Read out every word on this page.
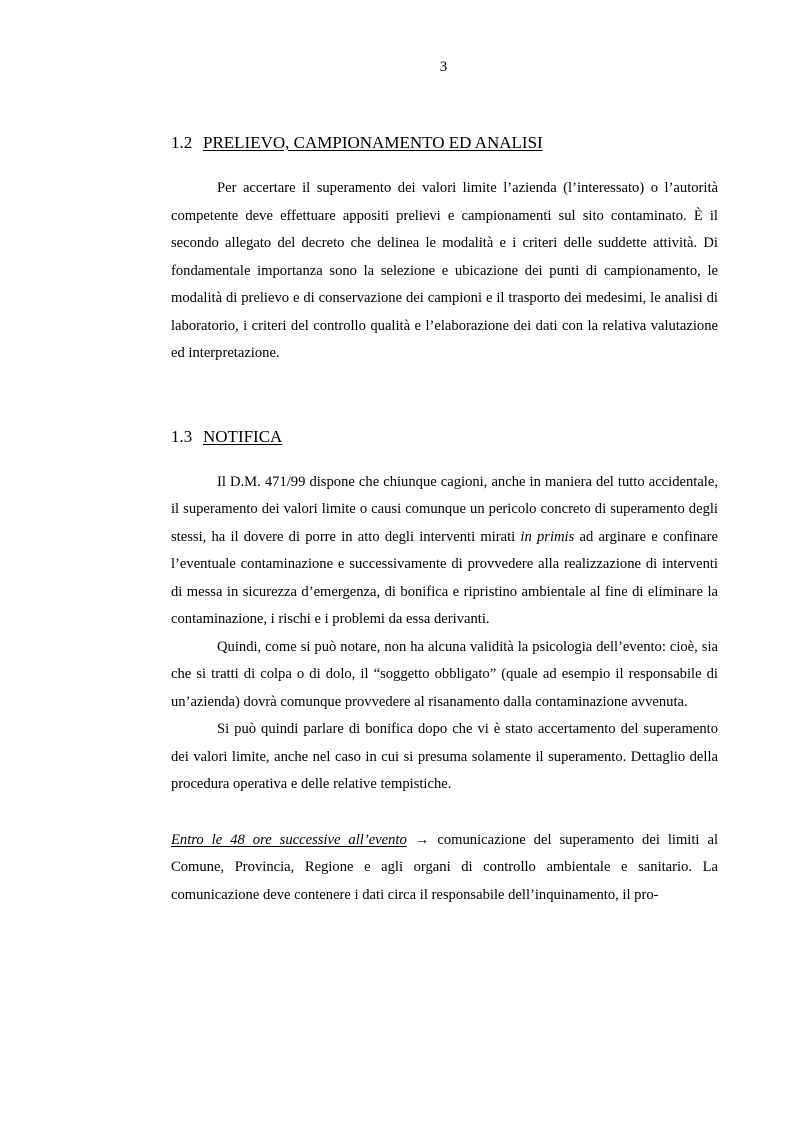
3
1.2 PRELIEVO, CAMPIONAMENTO ED ANALISI

Per accertare il superamento dei valori limite l’azienda (l’interessato) o l’autorità competente deve effettuare appositi prelievi e campionamenti sul sito contaminato. È il secondo allegato del decreto che delinea le modalità e i criteri delle suddette attività. Di fondamentale importanza sono la selezione e ubicazione dei punti di campionamento, le modalità di prelievo e di conservazione dei campioni e il trasporto dei medesimi, le analisi di laboratorio, i criteri del controllo qualità e l’elaborazione dei dati con la relativa valutazione ed interpretazione.

1.3 NOTIFICA

Il D.M. 471/99 dispone che chiunque cagioni, anche in maniera del tutto accidentale, il superamento dei valori limite o causi comunque un pericolo concreto di superamento degli stessi, ha il dovere di porre in atto degli interventi mirati in primis ad arginare e confinare l’eventuale contaminazione e successivamente di provvedere alla realizzazione di interventi di messa in sicurezza d’emergenza, di bonifica e ripristino ambientale al fine di eliminare la contaminazione, i rischi e i problemi da essa derivanti.

Quindi, come si può notare, non ha alcuna validità la psicologia dell’evento: cioè, sia che si tratti di colpa o di dolo, il “soggetto obbligato” (quale ad esempio il responsabile di un’azienda) dovrà comunque provvedere al risanamento dalla contaminazione avvenuta.

Si può quindi parlare di bonifica dopo che vi è stato accertamento del superamento dei valori limite, anche nel caso in cui si presuma solamente il superamento. Dettaglio della procedura operativa e delle relative tempistiche.

Entro le 48 ore successive all’evento → comunicazione del superamento dei limiti al Comune, Provincia, Regione e agli organi di controllo ambientale e sanitario. La comunicazione deve contenere i dati circa il responsabile dell’inquinamento, il pro-
